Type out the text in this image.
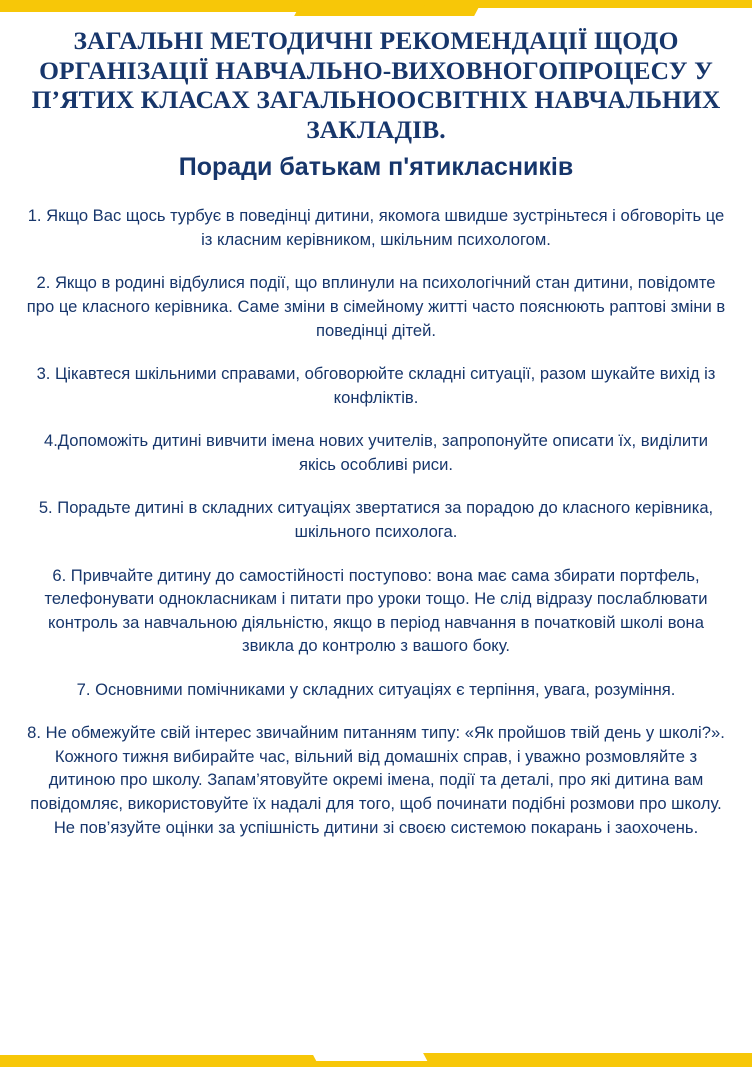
ЗАГАЛЬНІ МЕТОДИЧНІ РЕКОМЕНДАЦІЇ ЩОДО ОРГАНІЗАЦІЇ НАВЧАЛЬНО-ВИХОВНОГОПРОЦЕСУ У П’ЯТИХ КЛАСАХ ЗАГАЛЬНООСВІТНІХ НАВЧАЛЬНИХ ЗАКЛАДІВ.
Поради батькам п'ятикласників
1. Якщо Вас щось турбує в поведінці дитини, якомога швидше зустріньтеся і обговоріть це із класним керівником, шкільним психологом.
2. Якщо в родині відбулися події, що вплинули на психологічний стан дитини, повідомте про це класного керівника. Саме зміни в сімейному житті часто пояснюють раптові зміни в поведінці дітей.
3. Цікавтеся шкільними справами, обговорюйте складні ситуації, разом шукайте вихід із конфліктів.
4.Допоможіть дитині вивчити імена нових учителів, запропонуйте описати їх, виділити якісь особливі риси.
5. Порадьте дитині в складних ситуаціях звертатися за порадою до класного керівника, шкільного психолога.
6. Привчайте дитину до самостійності поступово: вона має сама збирати портфель, телефонувати однокласникам і питати про уроки тощо. Не слід відразу послаблювати контроль за навчальною діяльністю, якщо в період навчання в початковій школі вона звикла до контролю з вашого боку.
7. Основними помічниками у складних ситуаціях є терпіння, увага, розуміння.
8. Не обмежуйте свій інтерес звичайним питанням типу: «Як пройшов твій день у школі?». Кожного тижня вибирайте час, вільний від домашніх справ, і уважно розмовляйте з дитиною про школу. Запам’ятовуйте окремі імена, події та деталі, про які дитина вам повідомляє, використовуйте їх надалі для того, щоб починати подібні розмови про школу. Не пов’язуйте оцінки за успішність дитини зі своєю системою покарань і заохочень.
